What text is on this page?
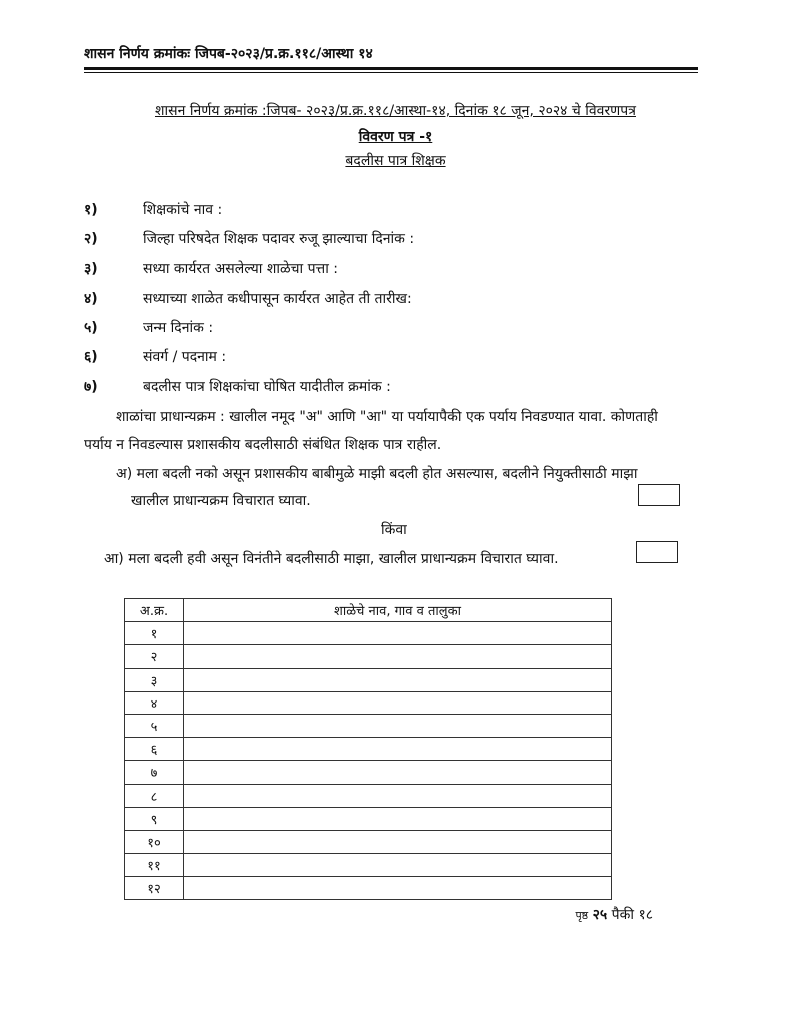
शासन निर्णय क्रमांकः जिपब-२०२३/प्र.क्र.११८/आस्था १४
शासन निर्णय क्रमांक :जिपब- २०२३/प्र.क्र.११८/आस्था-१४, दिनांक १८ जून, २०२४ चे विवरणपत्र
विवरण पत्र -१
बदलीस पात्र शिक्षक
१)	शिक्षकांचे नाव :
२)	जिल्हा परिषदेत शिक्षक पदावर रुजू झाल्याचा दिनांक :
३)	सध्या कार्यरत असलेल्या शाळेचा पत्ता :
४)	सध्याच्या शाळेत कधीपासून कार्यरत आहेत ती तारीख:
५)	जन्म दिनांक :
६)	संवर्ग / पदनाम :
७)	बदलीस पात्र शिक्षकांचा घोषित यादीतील क्रमांक :
शाळांचा प्राधान्यक्रम : खालील नमूद "अ" आणि "आ" या पर्यायापैकी एक पर्याय निवडण्यात यावा. कोणताही
पर्याय न निवडल्यास प्रशासकीय बदलीसाठी संबंधित शिक्षक पात्र राहील.
अ) मला बदली नको असून प्रशासकीय बाबीमुळे माझी बदली होत असल्यास, बदलीने नियुक्तीसाठी माझा
खालील प्राधान्यक्रम विचारात घ्यावा.
किंवा
आ) मला बदली हवी असून विनंतीने बदलीसाठी माझा, खालील प्राधान्यक्रम विचारात घ्यावा.
अ.क्र.	शाळेचे नाव, गाव व तालुका
१	
२	
३	
४	
५	
६	
७	
८	
९	
१०	
११	
१२	
पृष्ठ २५ पैकी १८
